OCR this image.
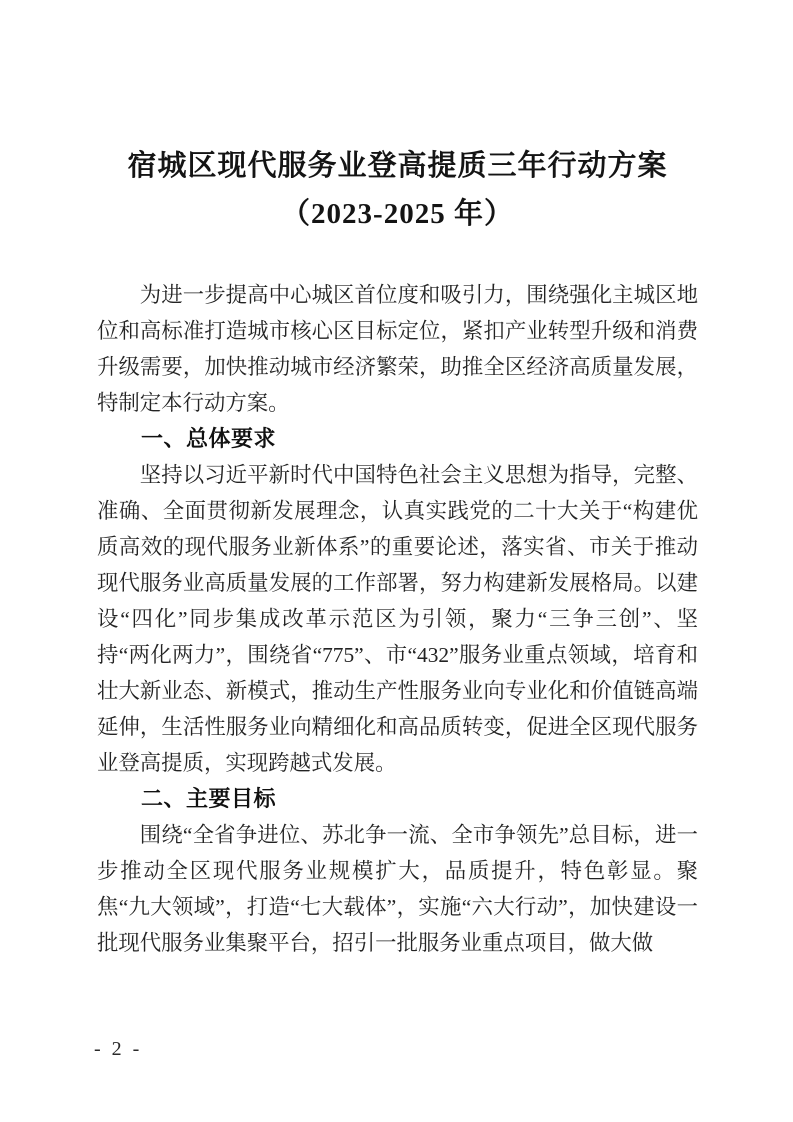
宿城区现代服务业登高提质三年行动方案
（2023-2025 年）

为进一步提高中心城区首位度和吸引力，围绕强化主城区地位和高标准打造城市核心区目标定位，紧扣产业转型升级和消费升级需要，加快推动城市经济繁荣，助推全区经济高质量发展，特制定本行动方案。

一、总体要求

坚持以习近平新时代中国特色社会主义思想为指导，完整、准确、全面贯彻新发展理念，认真实践党的二十大关于“构建优质高效的现代服务业新体系”的重要论述，落实省、市关于推动现代服务业高质量发展的工作部署，努力构建新发展格局。以建设“四化”同步集成改革示范区为引领，聚力“三争三创”、坚持“两化两力”，围绕省“775”、市“432”服务业重点领域，培育和壮大新业态、新模式，推动生产性服务业向专业化和价值链高端延伸，生活性服务业向精细化和高品质转变，促进全区现代服务业登高提质，实现跨越式发展。

二、主要目标

围绕“全省争进位、苏北争一流、全市争领先”总目标，进一步推动全区现代服务业规模扩大，品质提升，特色彰显。聚焦“九大领域”，打造“七大载体”，实施“六大行动”，加快建设一批现代服务业集聚平台，招引一批服务业重点项目，做大做

- 2 -
